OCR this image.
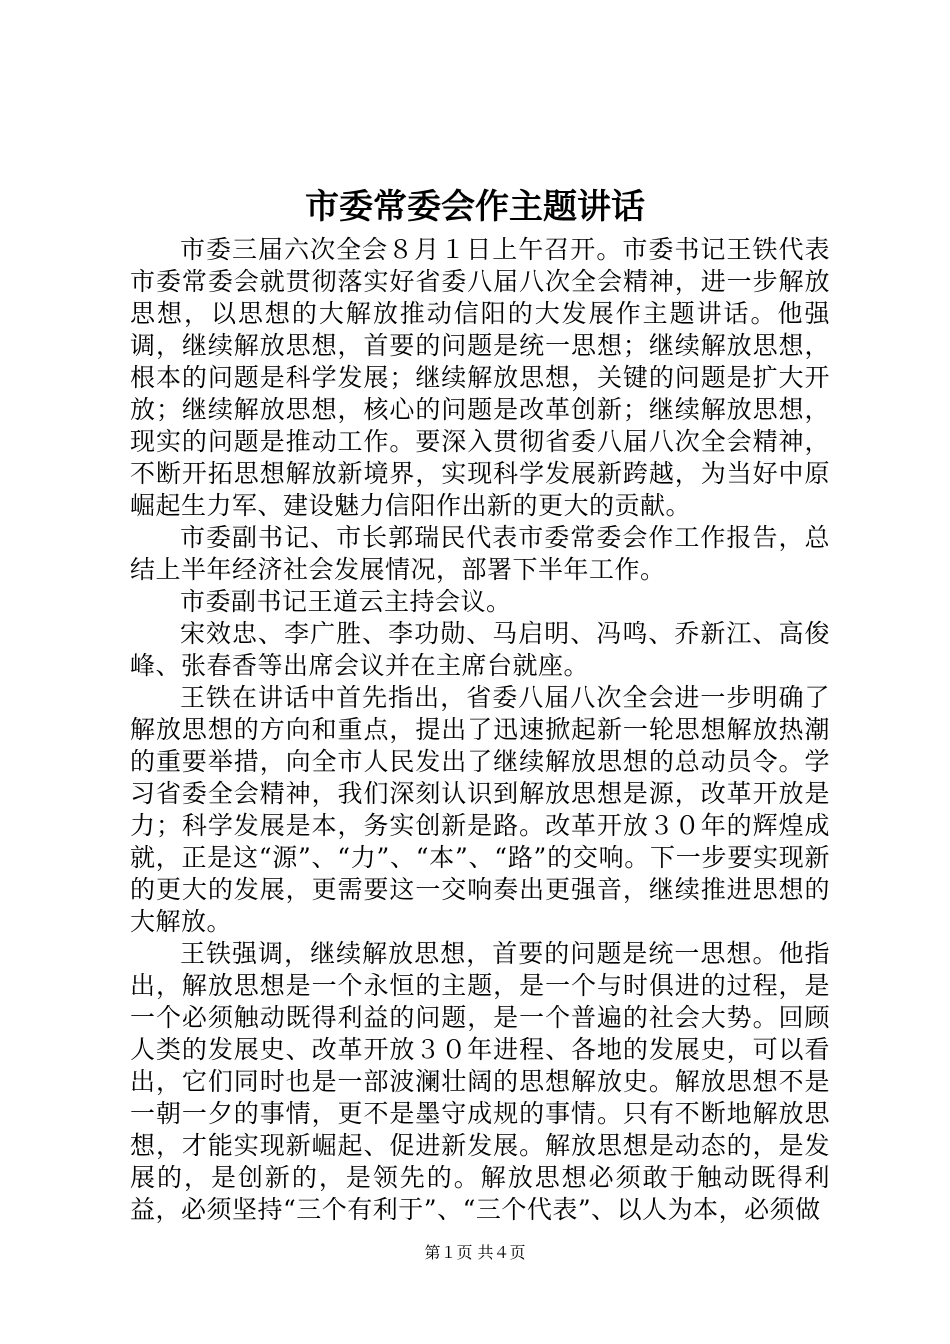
市委常委会作主题讲话

市委三届六次全会８月１日上午召开。市委书记王铁代表市委常委会就贯彻落实好省委八届八次全会精神，进一步解放思想，以思想的大解放推动信阳的大发展作主题讲话。他强调，继续解放思想，首要的问题是统一思想；继续解放思想，根本的问题是科学发展；继续解放思想，关键的问题是扩大开放；继续解放思想，核心的问题是改革创新；继续解放思想，现实的问题是推动工作。要深入贯彻省委八届八次全会精神，不断开拓思想解放新境界，实现科学发展新跨越，为当好中原崛起生力军、建设魅力信阳作出新的更大的贡献。

市委副书记、市长郭瑞民代表市委常委会作工作报告，总结上半年经济社会发展情况，部署下半年工作。

市委副书记王道云主持会议。

宋效忠、李广胜、李功勋、马启明、冯鸣、乔新江、高俊峰、张春香等出席会议并在主席台就座。

王铁在讲话中首先指出，省委八届八次全会进一步明确了解放思想的方向和重点，提出了迅速掀起新一轮思想解放热潮的重要举措，向全市人民发出了继续解放思想的总动员令。学习省委全会精神，我们深刻认识到解放思想是源，改革开放是力；科学发展是本，务实创新是路。改革开放３０年的辉煌成就，正是这“源”、“力”、“本”、“路”的交响。下一步要实现新的更大的发展，更需要这一交响奏出更强音，继续推进思想的大解放。

王铁强调，继续解放思想，首要的问题是统一思想。他指出，解放思想是一个永恒的主题，是一个与时俱进的过程，是一个必须触动既得利益的问题，是一个普遍的社会大势。回顾人类的发展史、改革开放３０年进程、各地的发展史，可以看出，它们同时也是一部波澜壮阔的思想解放史。解放思想不是一朝一夕的事情，更不是墨守成规的事情。只有不断地解放思想，才能实现新崛起、促进新发展。解放思想是动态的，是发展的，是创新的，是领先的。解放思想必须敢于触动既得利益，必须坚持“三个有利于”、“三个代表”、以人为本，必须做

第１页 共４页
